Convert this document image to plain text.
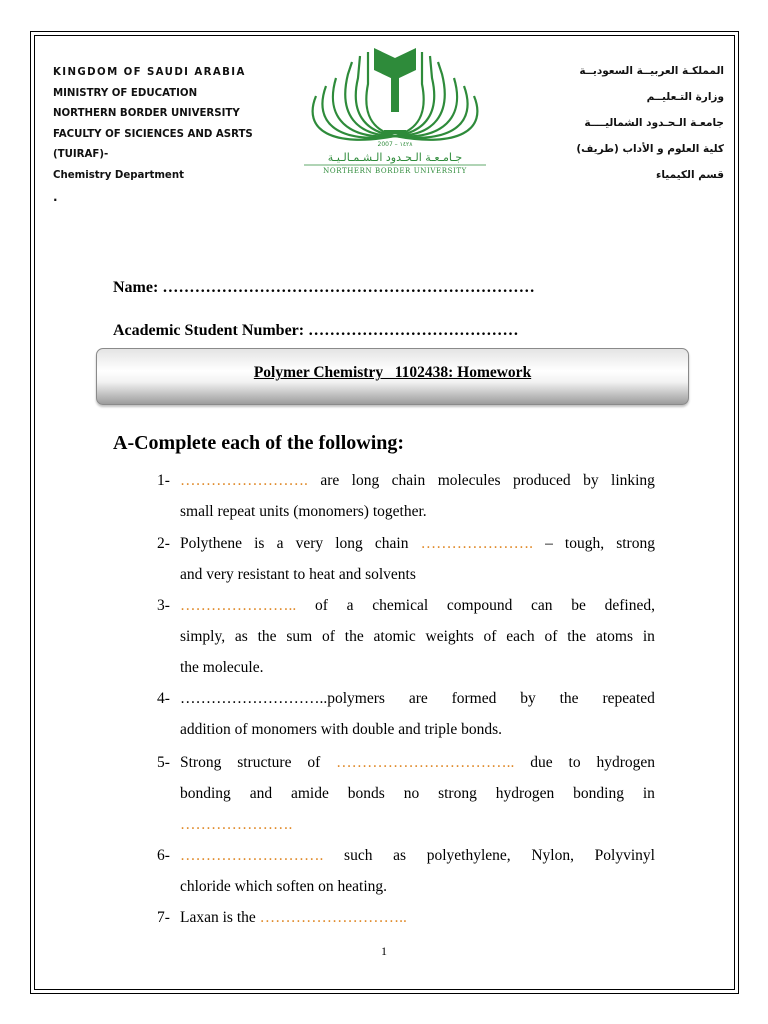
KINGDOM OF SAUDI ARABIA
MINISTRY OF EDUCATION
NORTHERN BORDER UNIVERSITY
FACULTY OF SICIENCES AND ASRTS
(TUIRAF)-
Chemistry Department
.
المملكـة العربيــة السعوديــة
وزارة التـعليــم
جامعـة الـحـدود الشماليــــة
كلية العلوم و الأداب (طريف)
قسم الكيمياء
2007 – ١٤٢٨
جـامـعـة الـحـدود الـشـمـالـيـة
NORTHERN BORDER UNIVERSITY
Name: ……………………………………………………………
Academic Student Number: …………………………………
Polymer Chemistry   1102438: Homework
A-Complete each of the following:
1- ……………………. are long chain molecules produced by linking
small repeat units (monomers) together.
2- Polythene is a very long chain …………………. – tough, strong
and very resistant to heat and solvents
3- ………………….. of a chemical compound can be defined,
simply, as the sum of the atomic weights of each of the atoms in
the molecule.
4- ………………………..polymers are formed by the repeated
addition of monomers with double and triple bonds.
5- Strong structure of …………………………….. due to hydrogen
bonding and amide bonds no strong hydrogen bonding in
………………….
6- ………………………. such as polyethylene, Nylon, Polyvinyl
chloride which soften on heating.
7- Laxan is the
………………………..
1
